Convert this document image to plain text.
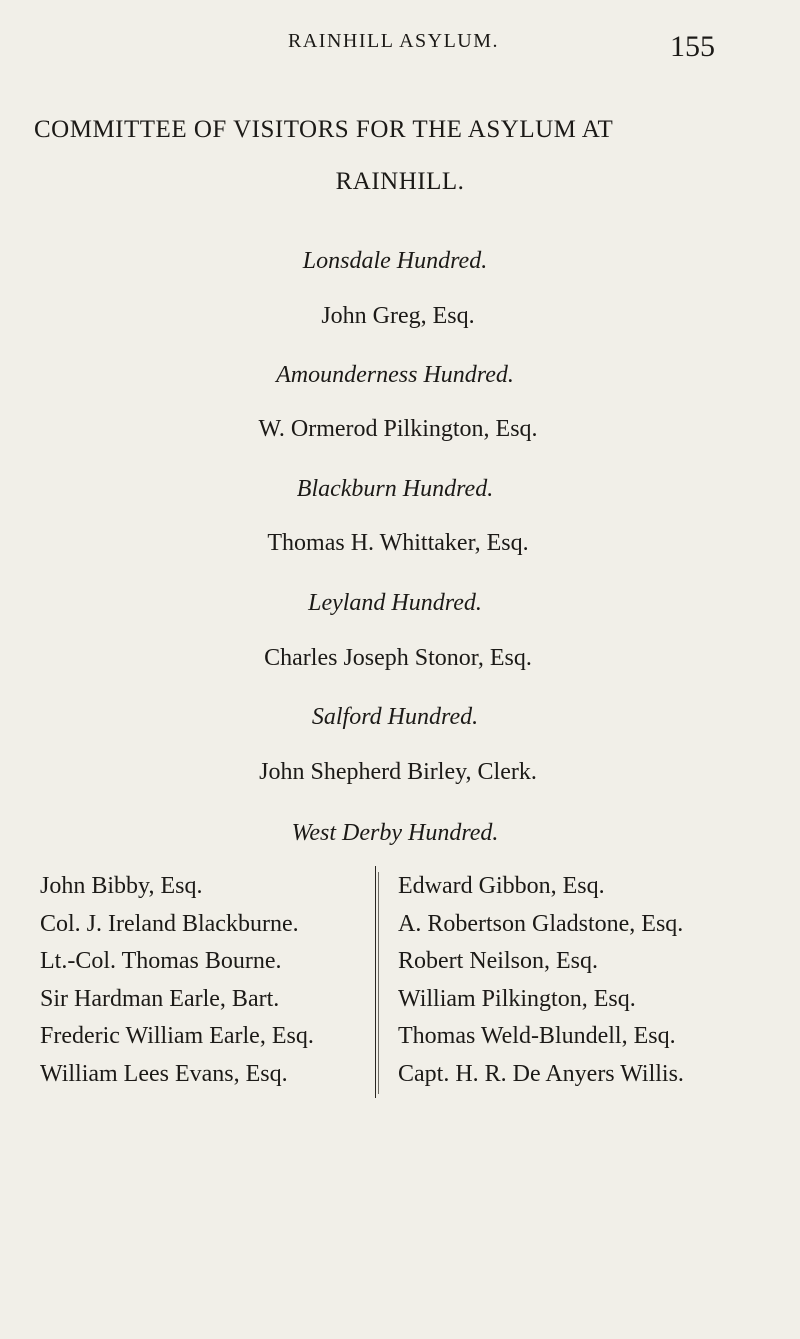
RAINHILL ASYLUM.	155
COMMITTEE OF VISITORS FOR THE ASYLUM AT
RAINHILL.
Lonsdale Hundred.
John Greg, Esq.
Amounderness Hundred.
W. Ormerod Pilkington, Esq.
Blackburn Hundred.
Thomas H. Whittaker, Esq.
Leyland Hundred.
Charles Joseph Stonor, Esq.
Salford Hundred.
John Shepherd Birley, Clerk.
West Derby Hundred.
John Bibby, Esq.
Col. J. Ireland Blackburne.
Lt.-Col. Thomas Bourne.
Sir Hardman Earle, Bart.
Frederic William Earle, Esq.
William Lees Evans, Esq.
Edward Gibbon, Esq.
A. Robertson Gladstone, Esq.
Robert Neilson, Esq.
William Pilkington, Esq.
Thomas Weld-Blundell, Esq.
Capt. H. R. De Anyers Willis.
